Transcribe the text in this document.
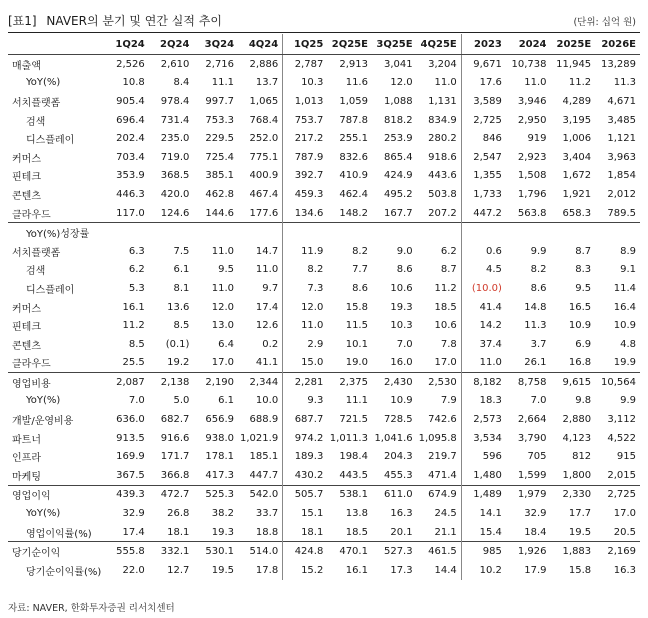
[표1] NAVER의 분기 및 연간 실적 추이	(단위: 십억 원)
	1Q24	2Q24	3Q24	4Q24	1Q25	2Q25E	3Q25E	4Q25E	2023	2024	2025E	2026E
매출액	2,526	2,610	2,716	2,886	2,787	2,913	3,041	3,204	9,671	10,738	11,945	13,289
YoY(%)	10.8	8.4	11.1	13.7	10.3	11.6	12.0	11.0	17.6	11.0	11.2	11.3
서치플랫폼	905.4	978.4	997.7	1,065	1,013	1,059	1,088	1,131	3,589	3,946	4,289	4,671
검색	696.4	731.4	753.3	768.4	753.7	787.8	818.2	834.9	2,725	2,950	3,195	3,485
디스플레이	202.4	235.0	229.5	252.0	217.2	255.1	253.9	280.2	846	919	1,006	1,121
커머스	703.4	719.0	725.4	775.1	787.9	832.6	865.4	918.6	2,547	2,923	3,404	3,963
핀테크	353.9	368.5	385.1	400.9	392.7	410.9	424.9	443.6	1,355	1,508	1,672	1,854
콘텐츠	446.3	420.0	462.8	467.4	459.3	462.4	495.2	503.8	1,733	1,796	1,921	2,012
클라우드	117.0	124.6	144.6	177.6	134.6	148.2	167.7	207.2	447.2	563.8	658.3	789.5
YoY(%)성장률												
서치플랫폼	6.3	7.5	11.0	14.7	11.9	8.2	9.0	6.2	0.6	9.9	8.7	8.9
검색	6.2	6.1	9.5	11.0	8.2	7.7	8.6	8.7	4.5	8.2	8.3	9.1
디스플레이	5.3	8.1	11.0	9.7	7.3	8.6	10.6	11.2	(10.0)	8.6	9.5	11.4
커머스	16.1	13.6	12.0	17.4	12.0	15.8	19.3	18.5	41.4	14.8	16.5	16.4
핀테크	11.2	8.5	13.0	12.6	11.0	11.5	10.3	10.6	14.2	11.3	10.9	10.9
콘텐츠	8.5	(0.1)	6.4	0.2	2.9	10.1	7.0	7.8	37.4	3.7	6.9	4.8
클라우드	25.5	19.2	17.0	41.1	15.0	19.0	16.0	17.0	11.0	26.1	16.8	19.9
영업비용	2,087	2,138	2,190	2,344	2,281	2,375	2,430	2,530	8,182	8,758	9,615	10,564
YoY(%)	7.0	5.0	6.1	10.0	9.3	11.1	10.9	7.9	18.3	7.0	9.8	9.9
개발/운영비용	636.0	682.7	656.9	688.9	687.7	721.5	728.5	742.6	2,573	2,664	2,880	3,112
파트너	913.5	916.6	938.0	1,021.9	974.2	1,011.3	1,041.6	1,095.8	3,534	3,790	4,123	4,522
인프라	169.9	171.7	178.1	185.1	189.3	198.4	204.3	219.7	596	705	812	915
마케팅	367.5	366.8	417.3	447.7	430.2	443.5	455.3	471.4	1,480	1,599	1,800	2,015
영업이익	439.3	472.7	525.3	542.0	505.7	538.1	611.0	674.9	1,489	1,979	2,330	2,725
YoY(%)	32.9	26.8	38.2	33.7	15.1	13.8	16.3	24.5	14.1	32.9	17.7	17.0
영업이익률(%)	17.4	18.1	19.3	18.8	18.1	18.5	20.1	21.1	15.4	18.4	19.5	20.5
당기순이익	555.8	332.1	530.1	514.0	424.8	470.1	527.3	461.5	985	1,926	1,883	2,169
당기순이익률(%)	22.0	12.7	19.5	17.8	15.2	16.1	17.3	14.4	10.2	17.9	15.8	16.3
자료: NAVER, 한화투자증권 리서치센터
